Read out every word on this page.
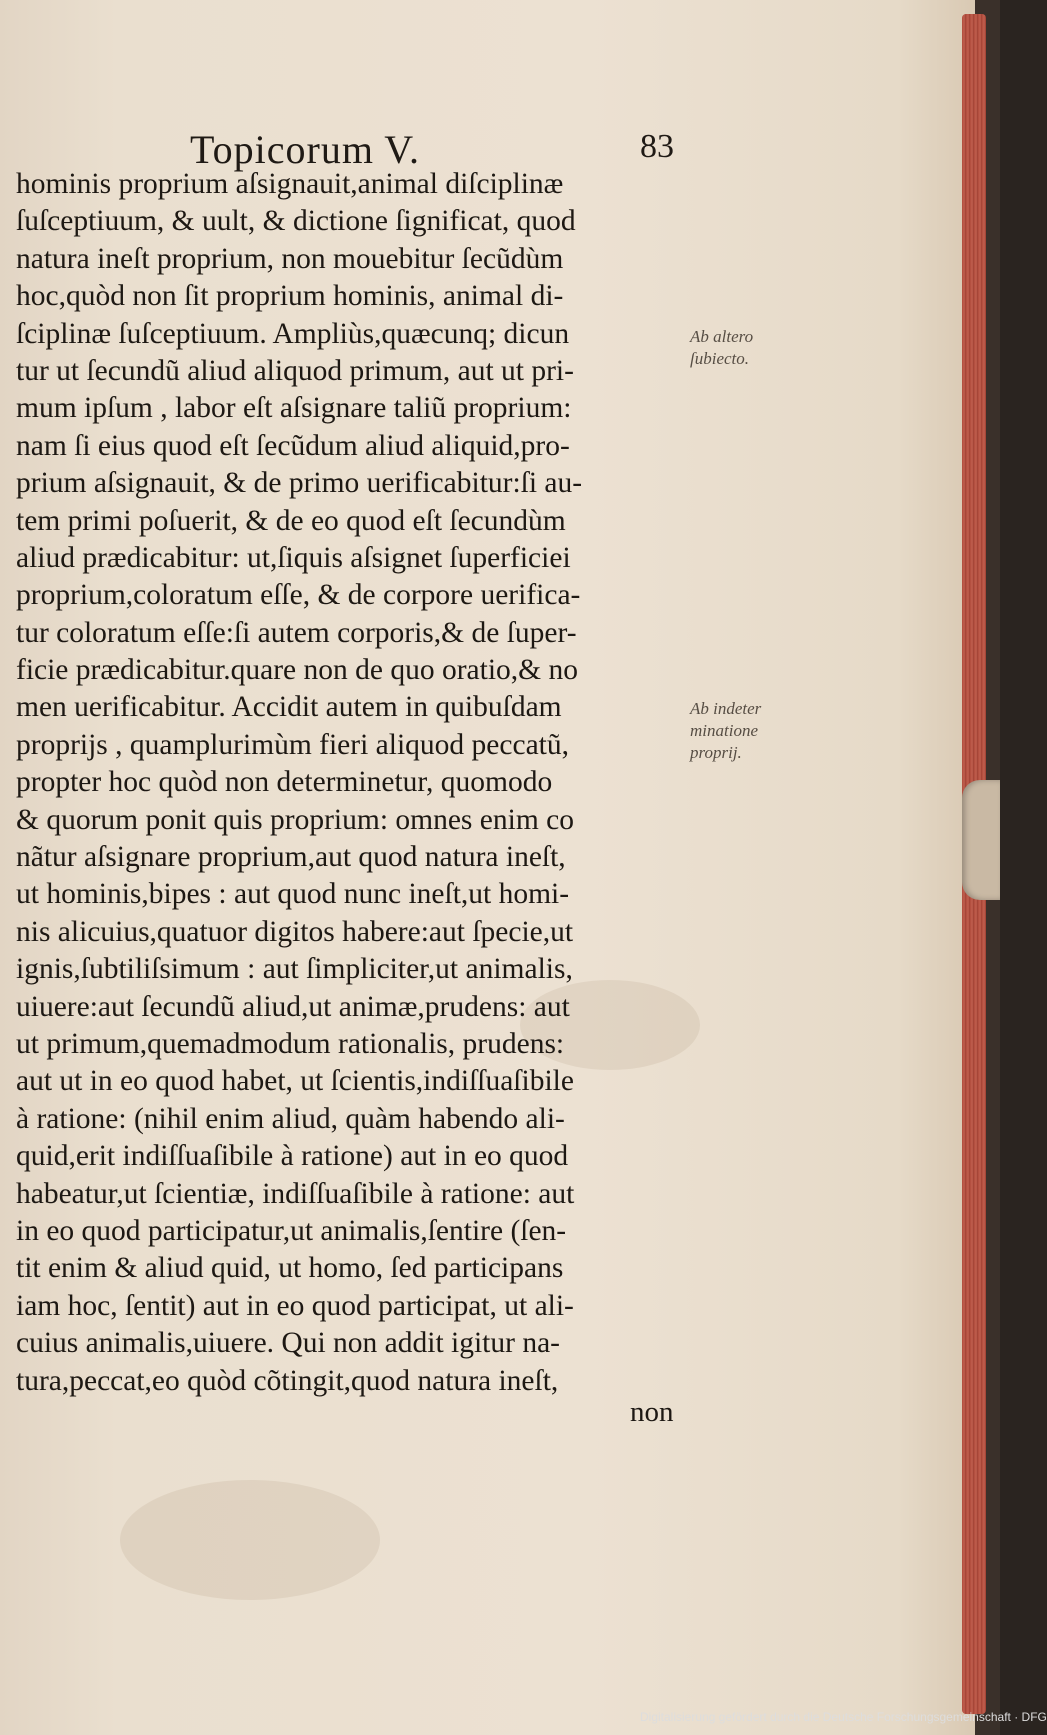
Topicorum V.	83
hominis proprium aſsignauit,animal diſciplinæ
ſuſceptiuum, & uult, & dictione ſignificat, quod
natura ineſt proprium, non mouebitur ſecũdùm
hoc,quòd non ſit proprium hominis, animal di-
ſciplinæ ſuſceptiuum. Ampliùs,quæcunq; dicun
tur ut ſecundũ aliud aliquod primum, aut ut pri-
mum ipſum , labor eſt aſsignare taliũ proprium:
nam ſi eius quod eſt ſecũdum aliud aliquid,pro-
prium aſsignauit, & de primo uerificabitur:ſi au-
tem primi poſuerit, & de eo quod eſt ſecundùm
aliud prædicabitur: ut,ſiquis aſsignet ſuperficiei
proprium,coloratum eſſe, & de corpore uerifica-
tur coloratum eſſe:ſi autem corporis,& de ſuper-
ficie prædicabitur.quare non de quo oratio,& no
men uerificabitur. Accidit autem in quibuſdam
proprijs , quamplurimùm fieri aliquod peccatũ,
propter hoc quòd non determinetur, quomodo
& quorum ponit quis proprium: omnes enim co
nãtur aſsignare proprium,aut quod natura ineſt,
ut hominis,bipes : aut quod nunc ineſt,ut homi-
nis alicuius,quatuor digitos habere:aut ſpecie,ut
ignis,ſubtiliſsimum : aut ſimpliciter,ut animalis,
uiuere:aut ſecundũ aliud,ut animæ,prudens: aut
ut primum,quemadmodum rationalis, prudens:
aut ut in eo quod habet, ut ſcientis,indiſſuaſibile
à ratione: (nihil enim aliud, quàm habendo ali-
quid,erit indiſſuaſibile à ratione) aut in eo quod
habeatur,ut ſcientiæ, indiſſuaſibile à ratione: aut
in eo quod participatur,ut animalis,ſentire (ſen-
tit enim & aliud quid, ut homo, ſed participans
iam hoc, ſentit) aut in eo quod participat, ut ali-
cuius animalis,uiuere. Qui non addit igitur na-
tura,peccat,eo quòd cõtingit,quod natura ineſt,
non
Ab altero
ſubiecto.
Ab indeter
minatione
proprij.
Digitalisierung gefördert durch die Deutsche Forschungsgemeinschaft · DFG
